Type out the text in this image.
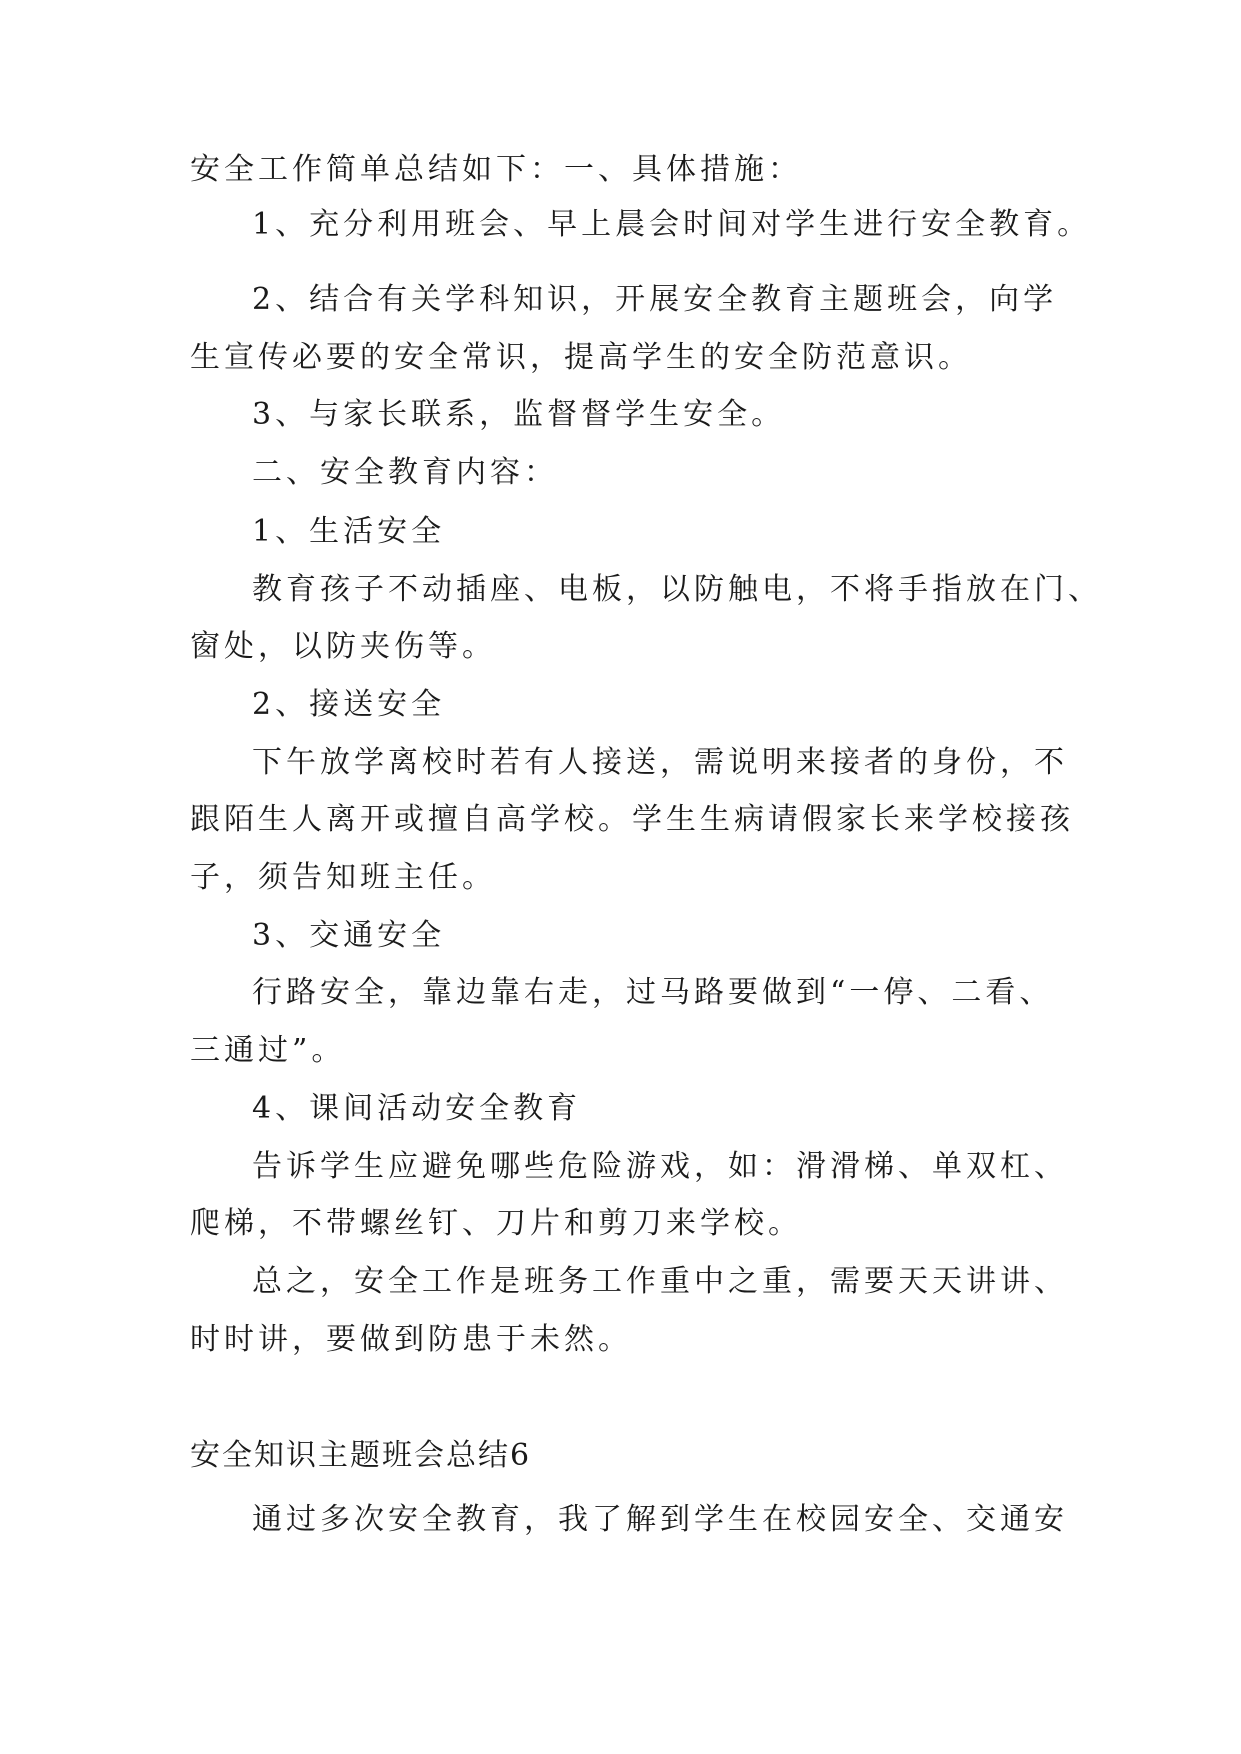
安全工作简单总结如下：一、具体措施：
1、充分利用班会、早上晨会时间对学生进行安全教育。
2、结合有关学科知识，开展安全教育主题班会，向学
生宣传必要的安全常识，提高学生的安全防范意识。
3、与家长联系，监督督学生安全。
二、安全教育内容：
1、生活安全
教育孩子不动插座、电板，以防触电，不将手指放在门、
窗处，以防夹伤等。
2、接送安全
下午放学离校时若有人接送，需说明来接者的身份，不
跟陌生人离开或擅自高学校。学生生病请假家长来学校接孩
子，须告知班主任。
3、交通安全
行路安全，靠边靠右走，过马路要做到“一停、二看、
三通过”。
4、课间活动安全教育
告诉学生应避免哪些危险游戏，如：滑滑梯、单双杠、
爬梯，不带螺丝钉、刀片和剪刀来学校。
总之，安全工作是班务工作重中之重，需要天天讲讲、
时时讲，要做到防患于未然。
安全知识主题班会总结6
通过多次安全教育，我了解到学生在校园安全、交通安
